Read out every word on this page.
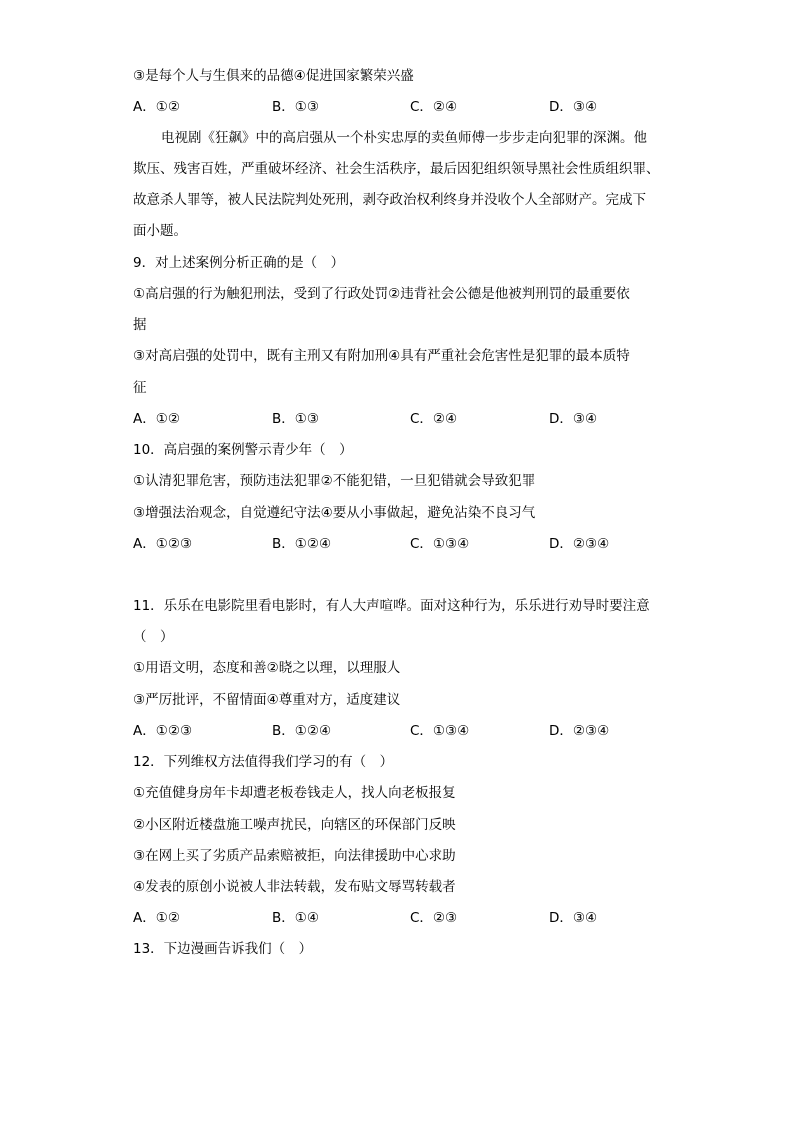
③是每个人与生俱来的品德④促进国家繁荣兴盛
A．①②	B．①③	C．②④	D．③④
电视剧《狂飙》中的高启强从一个朴实忠厚的卖鱼师傅一步步走向犯罪的深渊。他
欺压、残害百姓，严重破坏经济、社会生活秩序，最后因犯组织领导黑社会性质组织罪、
故意杀人罪等，被人民法院判处死刑，剥夺政治权利终身并没收个人全部财产。完成下
面小题。
9．对上述案例分析正确的是（　）
①高启强的行为触犯刑法，受到了行政处罚②违背社会公德是他被判刑罚的最重要依
据
③对高启强的处罚中，既有主刑又有附加刑④具有严重社会危害性是犯罪的最本质特
征
A．①②	B．①③	C．②④	D．③④
10．高启强的案例警示青少年（　）
①认清犯罪危害，预防违法犯罪②不能犯错，一旦犯错就会导致犯罪
③增强法治观念，自觉遵纪守法④要从小事做起，避免沾染不良习气
A．①②③	B．①②④	C．①③④	D．②③④
11．乐乐在电影院里看电影时，有人大声喧哗。面对这种行为，乐乐进行劝导时要注意
（　）
①用语文明，态度和善②晓之以理，以理服人
③严厉批评，不留情面④尊重对方，适度建议
A．①②③	B．①②④	C．①③④	D．②③④
12．下列维权方法值得我们学习的有（　）
①充值健身房年卡却遭老板卷钱走人，找人向老板报复
②小区附近楼盘施工噪声扰民，向辖区的环保部门反映
③在网上买了劣质产品索赔被拒，向法律援助中心求助
④发表的原创小说被人非法转载，发布贴文辱骂转载者
A．①②	B．①④	C．②③	D．③④
13．下边漫画告诉我们（　）
